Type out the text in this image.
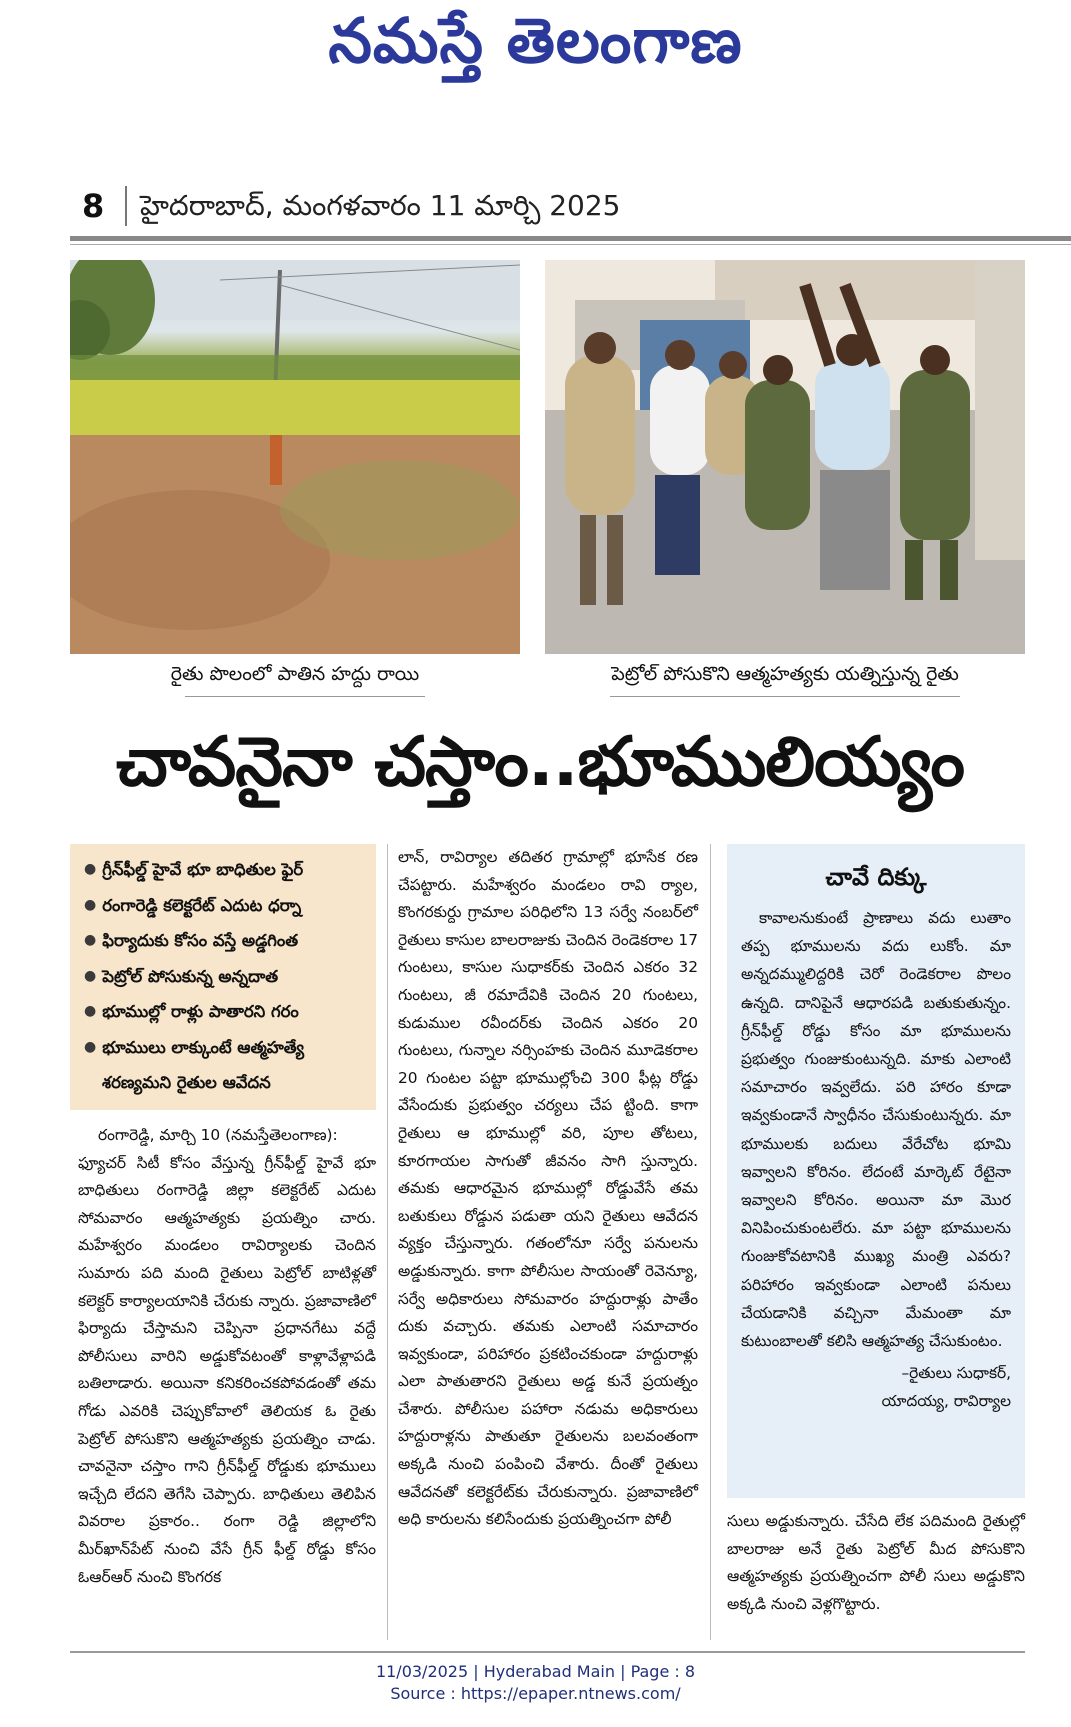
నమస్తే తెలంగాణ
8 హైదరాబాద్, మంగళవారం 11 మార్చి 2025
రైతు పొలంలో పాతిన హద్దు రాయి	పెట్రోల్ పోసుకొని ఆత్మహత్యకు యత్నిస్తున్న రైతు
చావనైనా చస్తాం..భూములియ్యం
● గ్రీన్‌ఫీల్డ్ హైవే భూ బాధితుల ఫైర్
● రంగారెడ్డి కలెక్టరేట్ ఎదుట ధర్నా
● ఫిర్యాదుకు కోసం వస్తే అడ్డగింత
● పెట్రోల్ పోసుకున్న అన్నదాత
● భూముల్లో రాళ్లు పాతారని గరం
● భూములు లాక్కుంటే ఆత్మహత్యే
శరణ్యమని రైతుల ఆవేదన
రంగారెడ్డి, మార్చి 10 (నమస్తేతెలంగాణ):
ఫ్యూచర్ సిటీ కోసం వేస్తున్న గ్రీన్‌ఫీల్డ్ హైవే భూ బాధితులు రంగారెడ్డి జిల్లా కలెక్టరేట్ ఎదుట సోమవారం ఆత్మహత్యకు ప్రయత్నిం చారు. మహేశ్వరం మండలం రావిర్యాలకు చెందిన సుమారు పది మంది రైతులు పెట్రోల్ బాటిళ్లతో కలెక్టర్ కార్యాలయానికి చేరుకు న్నారు. ప్రజావాణిలో ఫిర్యాదు చేస్తామని చెప్పినా ప్రధానగేటు వద్దే పోలీసులు వారిని అడ్డుకోవటంతో కాళ్లావేళ్లాపడి బతిలాడారు. అయినా కనికరించకపోవడంతో తమ గోడు ఎవరికి చెప్పుకోవాలో తెలియక ఓ రైతు పెట్రోల్ పోసుకొని ఆత్మహత్యకు ప్రయత్నిం చాడు. చావనైనా చస్తాం గాని గ్రీన్‌ఫీల్డ్ రోడ్డుకు భూములు ఇచ్చేది లేదని తెగేసి చెప్పారు. బాధితులు తెలిపిన వివరాల ప్రకారం.. రంగా రెడ్డి జిల్లాలోని మీర్‌ఖాన్‌పేట్ నుంచి వేసే గ్రీన్ ఫీల్డ్ రోడ్డు కోసం ఓఆర్ఆర్ నుంచి కొంగరక
లాన్, రావిర్యాల తదితర గ్రామాల్లో భూసేక రణ చేపట్టారు. మహేశ్వరం మండలం రావి ర్యాల, కొంగరకుర్దు గ్రామాల పరిధిలోని 13 సర్వే నంబర్‌లో రైతులు కాసుల బాలరాజుకు చెందిన రెండెకరాల 17 గుంటలు, కాసుల సుధాకర్‌కు చెందిన ఎకరం 32 గుంటలు, జీ రమాదేవికి చెందిన 20 గుంటలు, కుడుముల రవీందర్‌కు చెందిన ఎకరం 20 గుంటలు, గున్నాల నర్సింహకు చెందిన మూడెకరాల 20 గుంటల పట్టా భూముల్లోంచి 300 ఫీట్ల రోడ్డు వేసేందుకు ప్రభుత్వం చర్యలు చేప ట్టింది. కాగా రైతులు ఆ భూముల్లో వరి, పూల తోటలు, కూరగాయల సాగుతో జీవనం సాగి స్తున్నారు. తమకు ఆధారమైన భూముల్లో రోడ్డువేసే తమ బతుకులు రోడ్డున పడుతా యని రైతులు ఆవేదన వ్యక్తం చేస్తున్నారు. గతంలోనూ సర్వే పనులను అడ్డుకున్నారు. కాగా పోలీసుల సాయంతో రెవెన్యూ, సర్వే అధికారులు సోమవారం హద్దురాళ్లు పాతేం దుకు వచ్చారు. తమకు ఎలాంటి సమాచారం ఇవ్వకుండా, పరిహారం ప్రకటించకుండా హద్దురాళ్లు ఎలా పాతుతారని రైతులు అడ్డ కునే ప్రయత్నం చేశారు. పోలీసుల పహారా నడుమ అధికారులు హద్దురాళ్లను పాతుతూ రైతులను బలవంతంగా అక్కడి నుంచి పంపించి వేశారు. దీంతో రైతులు ఆవేదనతో కలెక్టరేట్‌కు చేరుకున్నారు. ప్రజావాణిలో అధి కారులను కలిసేందుకు ప్రయత్నించగా పోలీ
చావే దిక్కు
కావాలనుకుంటే ప్రాణాలు వదు లుతాం తప్ప భూములను వదు లుకోం. మా అన్నదమ్ములిద్దరికి చెరో రెండెకరాల పొలం ఉన్నది. దానిపైనే ఆధారపడి బతుకుతున్నం. గ్రీన్‌ఫీల్డ్ రోడ్డు కోసం మా భూములను ప్రభుత్వం గుంజుకుంటున్నది. మాకు ఎలాంటి సమాచారం ఇవ్వలేదు. పరి హారం కూడా ఇవ్వకుండానే స్వాధీనం చేసుకుంటున్నరు. మా భూములకు బదులు వేరేచోట భూమి ఇవ్వాలని కోరినం. లేదంటే మార్కెట్ రేటైనా ఇవ్వాలని కోరినం. అయినా మా మొర వినిపించుకుంటలేరు. మా పట్టా భూములను గుంజుకోవటానికి ముఖ్య మంత్రి ఎవరు? పరిహారం ఇవ్వకుండా ఎలాంటి పనులు చేయడానికి వచ్చినా మేమంతా మా కుటుంబాలతో కలిసి ఆత్మహత్య చేసుకుంటం.
–రైతులు సుధాకర్,
యాదయ్య, రావిర్యాల
సులు అడ్డుకున్నారు. చేసేది లేక పదిమంది రైతుల్లో బాలరాజు అనే రైతు పెట్రోల్ మీద పోసుకొని ఆత్మహత్యకు ప్రయత్నించగా పోలీ సులు అడ్డుకొని అక్కడి నుంచి వెళ్లగొట్టారు.
11/03/2025 | Hyderabad Main | Page : 8
Source : https://epaper.ntnews.com/
